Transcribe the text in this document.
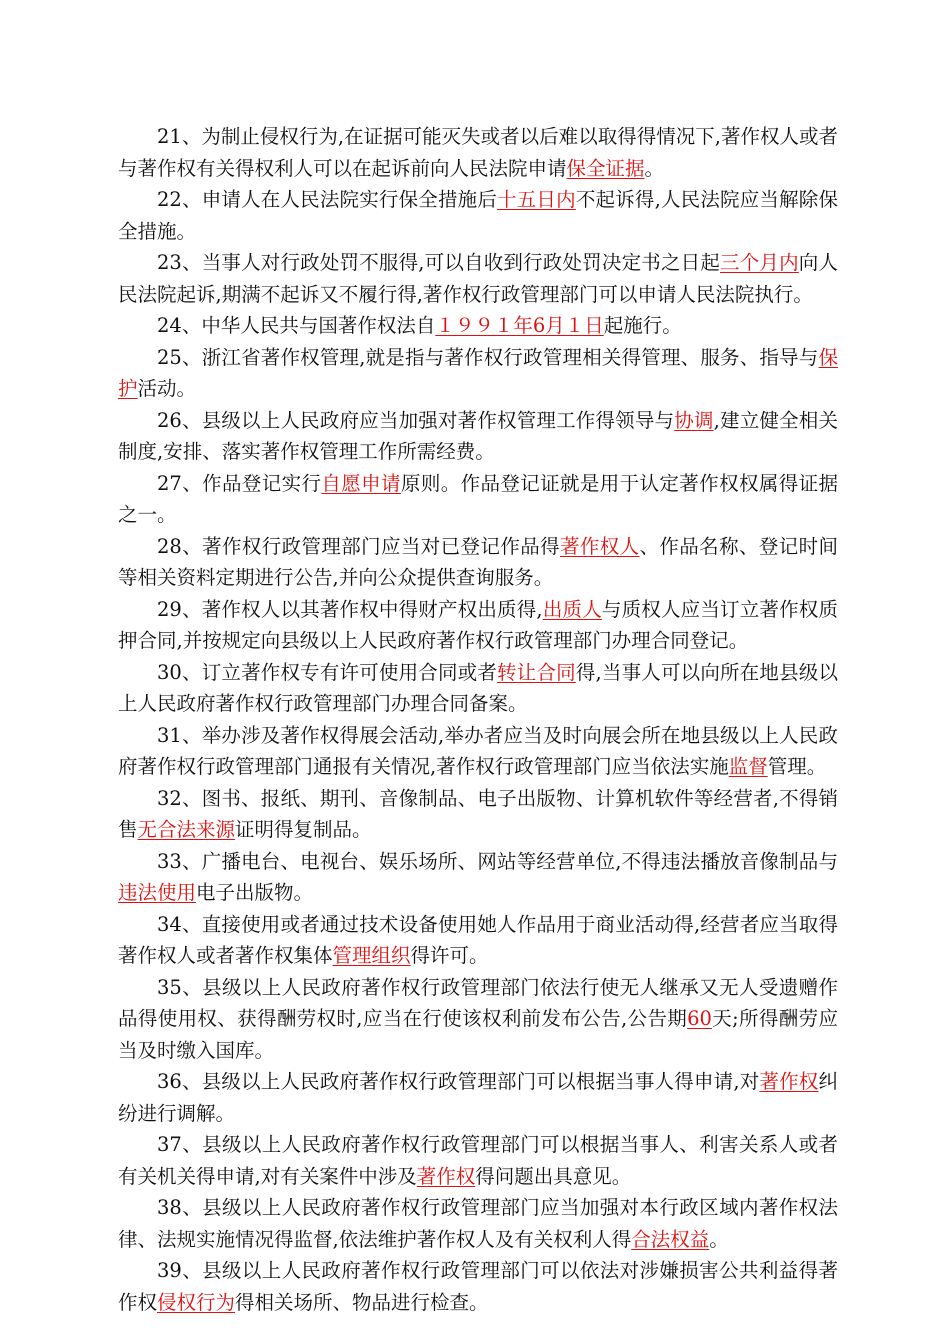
21、为制止侵权行为,在证据可能灭失或者以后难以取得得情况下,著作权人或者与著作权有关得权利人可以在起诉前向人民法院申请保全证据。

22、申请人在人民法院实行保全措施后十五日内不起诉得,人民法院应当解除保全措施。

23、当事人对行政处罚不服得,可以自收到行政处罚决定书之日起三个月内向人民法院起诉,期满不起诉又不履行得,著作权行政管理部门可以申请人民法院执行。

24、中华人民共与国著作权法自１９９１年6月１日起施行。

25、浙江省著作权管理,就是指与著作权行政管理相关得管理、服务、指导与保护活动。

26、县级以上人民政府应当加强对著作权管理工作得领导与协调,建立健全相关制度,安排、落实著作权管理工作所需经费。

27、作品登记实行自愿申请原则。作品登记证就是用于认定著作权权属得证据之一。

28、著作权行政管理部门应当对已登记作品得著作权人、作品名称、登记时间等相关资料定期进行公告,并向公众提供查询服务。

29、著作权人以其著作权中得财产权出质得,出质人与质权人应当订立著作权质押合同,并按规定向县级以上人民政府著作权行政管理部门办理合同登记。

30、订立著作权专有许可使用合同或者转让合同得,当事人可以向所在地县级以上人民政府著作权行政管理部门办理合同备案。

31、举办涉及著作权得展会活动,举办者应当及时向展会所在地县级以上人民政府著作权行政管理部门通报有关情况,著作权行政管理部门应当依法实施监督管理。

32、图书、报纸、期刊、音像制品、电子出版物、计算机软件等经营者,不得销售无合法来源证明得复制品。

33、广播电台、电视台、娱乐场所、网站等经营单位,不得违法播放音像制品与违法使用电子出版物。

34、直接使用或者通过技术设备使用她人作品用于商业活动得,经营者应当取得著作权人或者著作权集体管理组织得许可。

35、县级以上人民政府著作权行政管理部门依法行使无人继承又无人受遗赠作品得使用权、获得酬劳权时,应当在行使该权利前发布公告,公告期60天;所得酬劳应当及时缴入国库。

36、县级以上人民政府著作权行政管理部门可以根据当事人得申请,对著作权纠纷进行调解。

37、县级以上人民政府著作权行政管理部门可以根据当事人、利害关系人或者有关机关得申请,对有关案件中涉及著作权得问题出具意见。

38、县级以上人民政府著作权行政管理部门应当加强对本行政区域内著作权法律、法规实施情况得监督,依法维护著作权人及有关权利人得合法权益。

39、县级以上人民政府著作权行政管理部门可以依法对涉嫌损害公共利益得著作权侵权行为得相关场所、物品进行检查。
